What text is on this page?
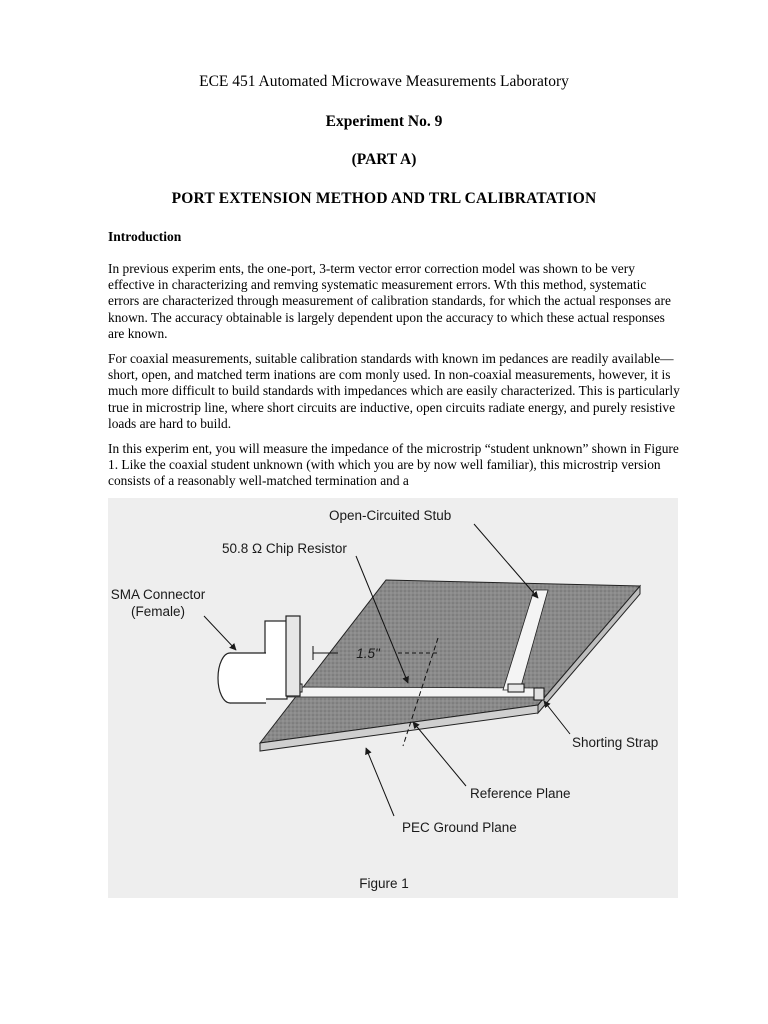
ECE 451 Automated Microwave Measurements Laboratory
Experiment No. 9
(PART A)
PORT EXTENSION METHOD AND TRL CALIBRATATION
Introduction

In previous experim ents, the one-port, 3-term vector error correction model was shown to be very effective in characterizing and remving systematic measurement errors. Wth this method, systematic errors are characterized through measurement of calibration standards, for which the actual responses are known. The accuracy obtainable is largely dependent upon the accuracy to which these actual responses are known.

For coaxial measurements, suitable calibration standards with known im pedances are readily available—short, open, and matched term inations are com monly used. In non-coaxial measurements, however, it is much more difficult to build standards with impedances which are easily characterized. This is particularly true in microstrip line, where short circuits are inductive, open circuits radiate energy, and purely resistive loads are hard to build.

In this experim ent, you will measure the impedance of the microstrip “student unknown” shown in Figure 1. Like the coaxial student unknown (with which you are by now well familiar), this microstrip version consists of a reasonably well-matched termination and a

1.5"
Open-Circuited Stub
50.8 Ω Chip Resistor
SMA Connector
(Female)
Shorting Strap
Reference Plane
PEC Ground Plane
Figure 1
